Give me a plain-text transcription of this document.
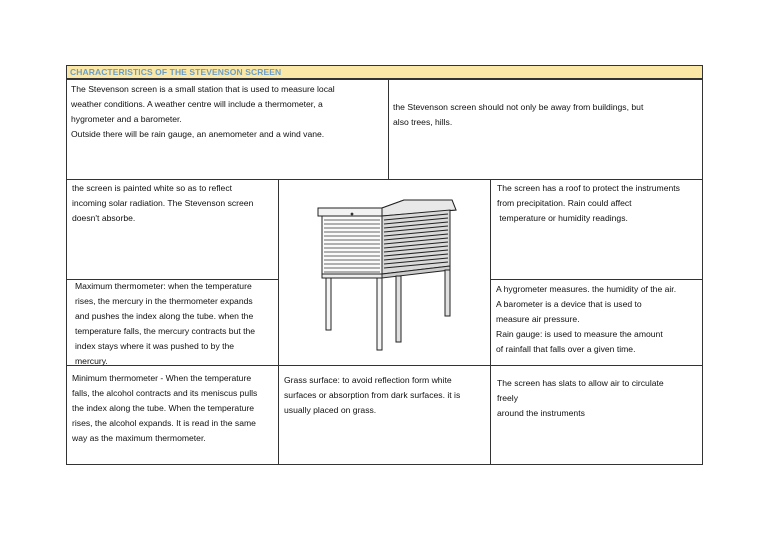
CHARACTERISTICS OF THE STEVENSON SCREEN
The Stevenson screen is a small station that is used to measure local
weather conditions. A weather centre will include a thermometer, a
hygrometer and a barometer.
Outside there will be rain gauge, an anemometer and a wind vane.
the Stevenson screen should not only be away from buildings, but
also trees, hills.
the screen is painted white so as to reflect
incoming solar radiation. The Stevenson screen
doesn't absorbe.
The screen has a roof to protect the instruments
from precipitation. Rain could affect
temperature or humidity readings.
Maximum thermometer: when the temperature
rises, the mercury in the thermometer expands
and pushes the index along the tube. when the
temperature falls, the mercury contracts but the
index stays where it was pushed to by the
mercury.
A hygrometer measures. the humidity of the air.
A barometer is a device that is used to
measure air pressure.
Rain gauge: is used to measure the amount
of rainfall that falls over a given time.
Minimum thermometer - When the temperature
falls, the alcohol contracts and its meniscus pulls
the index along the tube. When the temperature
rises, the alcohol expands. It is read in the same
way as the maximum thermometer.
Grass surface: to avoid reflection form white
surfaces or absorption from dark surfaces. it is
usually placed on grass.
The screen has slats to allow air to circulate
freely
around the instruments
